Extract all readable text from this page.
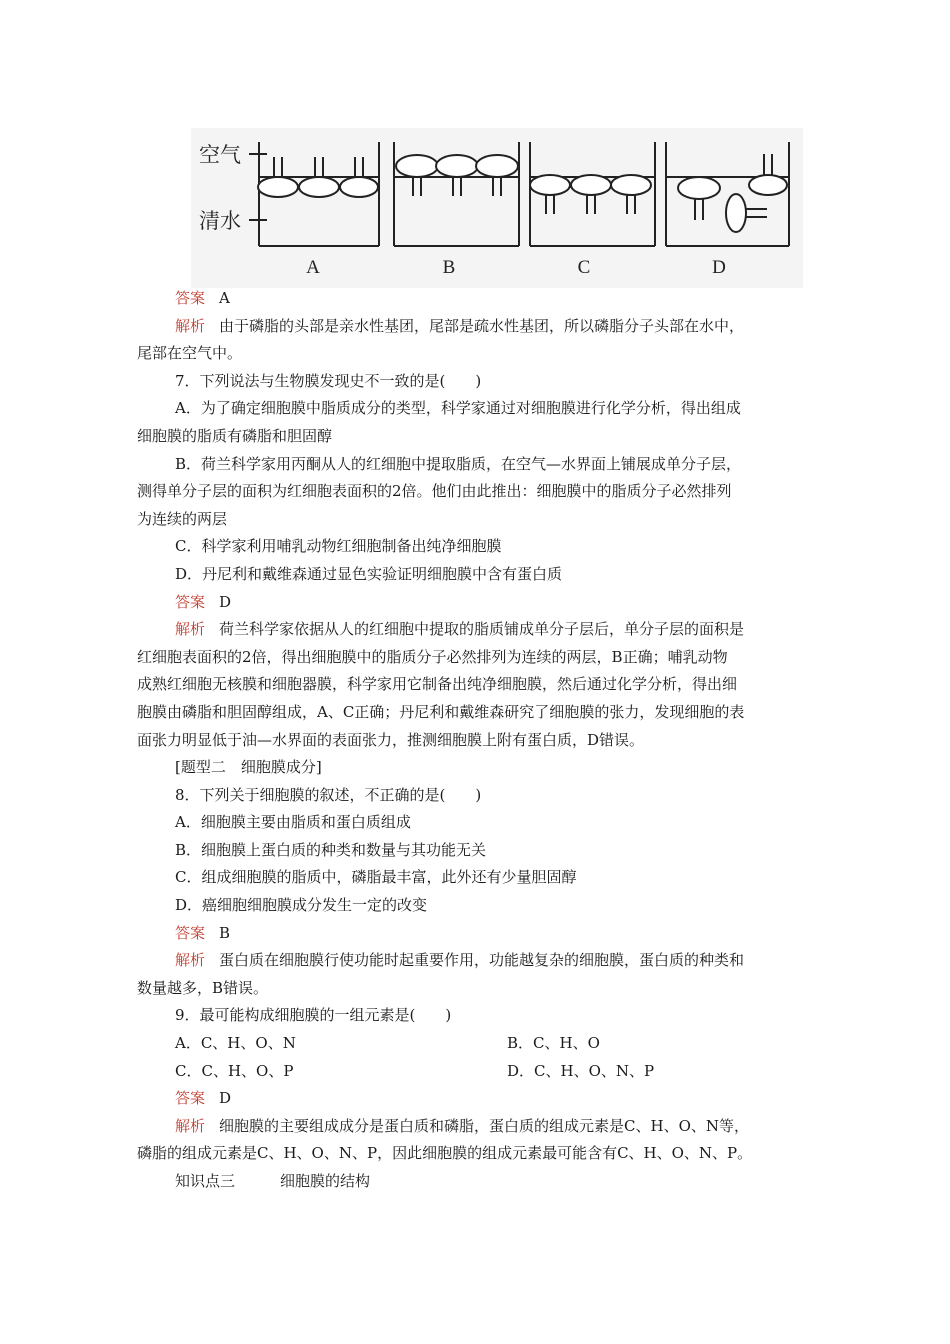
空气
清水
A	B	C	D
答案 A
解析 由于磷脂的头部是亲水性基团，尾部是疏水性基团，所以磷脂分子头部在水中，
尾部在空气中。
7．下列说法与生物膜发现史不一致的是(　　)
A．为了确定细胞膜中脂质成分的类型，科学家通过对细胞膜进行化学分析，得出组成
细胞膜的脂质有磷脂和胆固醇
B．荷兰科学家用丙酮从人的红细胞中提取脂质，在空气—水界面上铺展成单分子层，
测得单分子层的面积为红细胞表面积的2倍。他们由此推出：细胞膜中的脂质分子必然排列
为连续的两层
C．科学家利用哺乳动物红细胞制备出纯净细胞膜
D．丹尼利和戴维森通过显色实验证明细胞膜中含有蛋白质
答案 D
解析 荷兰科学家依据从人的红细胞中提取的脂质铺成单分子层后，单分子层的面积是
红细胞表面积的2倍，得出细胞膜中的脂质分子必然排列为连续的两层，B正确；哺乳动物
成熟红细胞无核膜和细胞器膜，科学家用它制备出纯净细胞膜，然后通过化学分析，得出细
胞膜由磷脂和胆固醇组成，A、C正确；丹尼利和戴维森研究了细胞膜的张力，发现细胞的表
面张力明显低于油—水界面的表面张力，推测细胞膜上附有蛋白质，D错误。
[题型二　细胞膜成分]
8．下列关于细胞膜的叙述，不正确的是(　　)
A．细胞膜主要由脂质和蛋白质组成
B．细胞膜上蛋白质的种类和数量与其功能无关
C．组成细胞膜的脂质中，磷脂最丰富，此外还有少量胆固醇
D．癌细胞细胞膜成分发生一定的改变
答案 B
解析 蛋白质在细胞膜行使功能时起重要作用，功能越复杂的细胞膜，蛋白质的种类和
数量越多，B错误。
9．最可能构成细胞膜的一组元素是(　　)
A．C、H、O、N	B．C、H、O
C．C、H、O、P	D．C、H、O、N、P
答案 D
解析 细胞膜的主要组成成分是蛋白质和磷脂，蛋白质的组成元素是C、H、O、N等，
磷脂的组成元素是C、H、O、N、P，因此细胞膜的组成元素最可能含有C、H、O、N、P。
知识点三　　　细胞膜的结构
